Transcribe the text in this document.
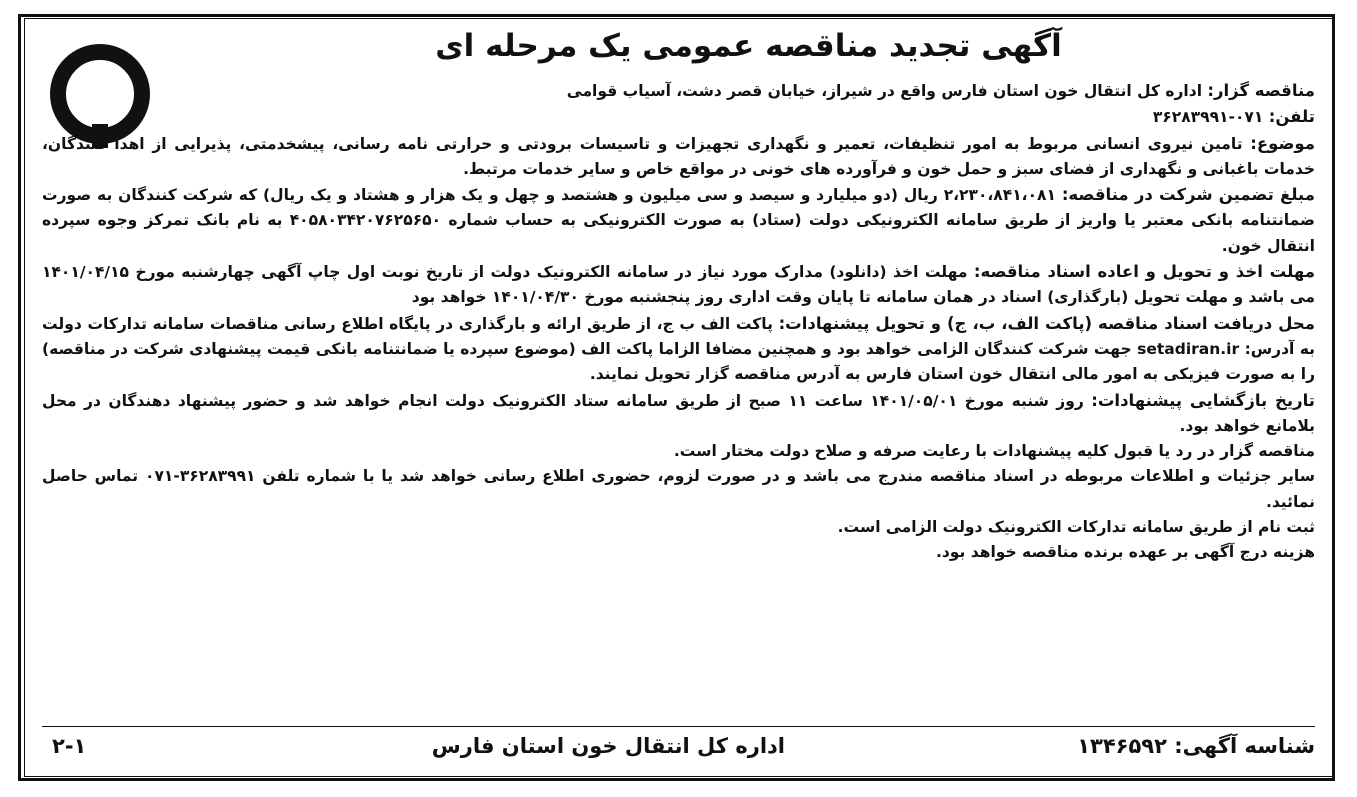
آگهی تجدید مناقصه عمومی یک مرحله ای

مناقصه گزار: اداره کل انتقال خون استان فارس واقع در شیراز، خیابان قصر دشت، آسیاب قوامی

تلفن: ۰۷۱-۳۶۲۸۳۹۹۱

موضوع: تامین نیروی انسانی مربوط به امور تنظیفات، تعمیر و نگهداری تجهیزات و تاسیسات برودتی و حرارتی نامه رسانی، پیشخدمتی، پذیرایی از اهدا کنندگان، خدمات باغبانی و نگهداری از فضای سبز و حمل خون و فرآورده های خونی در مواقع خاص و سایر خدمات مرتبط.

مبلغ تضمین شرکت در مناقصه: ۲،۲۳۰،۸۴۱،۰۸۱ ریال (دو میلیارد و سیصد و سی میلیون و هشتصد و چهل و یک هزار و هشتاد و یک ریال) که شرکت کنندگان به صورت ضمانتنامه بانکی معتبر یا واریز از طریق سامانه الکترونیکی دولت (ستاد) به صورت الکترونیکی به حساب شماره ۴۰۵۸۰۳۴۲۰۷۶۲۵۶۵۰ به نام بانک تمرکز وجوه سپرده انتقال خون.

مهلت اخذ و تحویل و اعاده اسناد مناقصه: مهلت اخذ (دانلود) مدارک مورد نیاز در سامانه الکترونیک دولت از تاریخ نوبت اول چاپ آگهی چهارشنبه مورخ ۱۴۰۱/۰۴/۱۵ می باشد و مهلت تحویل (بارگذاری) اسناد در همان سامانه تا پایان وقت اداری روز پنجشنبه مورخ ۱۴۰۱/۰۴/۳۰ خواهد بود

محل دریافت اسناد مناقصه (پاکت الف، ب، ج) و تحویل پیشنهادات: پاکت الف ب ج، از طریق ارائه و بارگذاری در پایگاه اطلاع رسانی مناقصات سامانه تدارکات دولت به آدرس: setadiran.ir جهت شرکت کنندگان الزامی خواهد بود و همچنین مضافا الزاما پاکت الف (موضوع سپرده یا ضمانتنامه بانکی قیمت پیشنهادی شرکت در مناقصه) را به صورت فیزیکی به امور مالی انتقال خون استان فارس به آدرس مناقصه گزار تحویل نمایند.

تاریخ بازگشایی پیشنهادات: روز شنبه مورخ ۱۴۰۱/۰۵/۰۱ ساعت ۱۱ صبح از طریق سامانه ستاد الکترونیک دولت انجام خواهد شد و حضور پیشنهاد دهندگان در محل بلامانع خواهد بود.

مناقصه گزار در رد یا قبول کلیه پیشنهادات با رعایت صرفه و صلاح دولت مختار است.

سایر جزئیات و اطلاعات مربوطه در اسناد مناقصه مندرج می باشد و در صورت لزوم، حضوری اطلاع رسانی خواهد شد یا با شماره تلفن ۳۶۲۸۳۹۹۱-۰۷۱ تماس حاصل نمائید.

ثبت نام از طریق سامانه تدارکات الکترونیک دولت الزامی است.

هزینه درج آگهی بر عهده برنده مناقصه خواهد بود.

شناسه آگهی: ۱۳۴۶۵۹۲
اداره کل انتقال خون استان فارس
۲-۱
